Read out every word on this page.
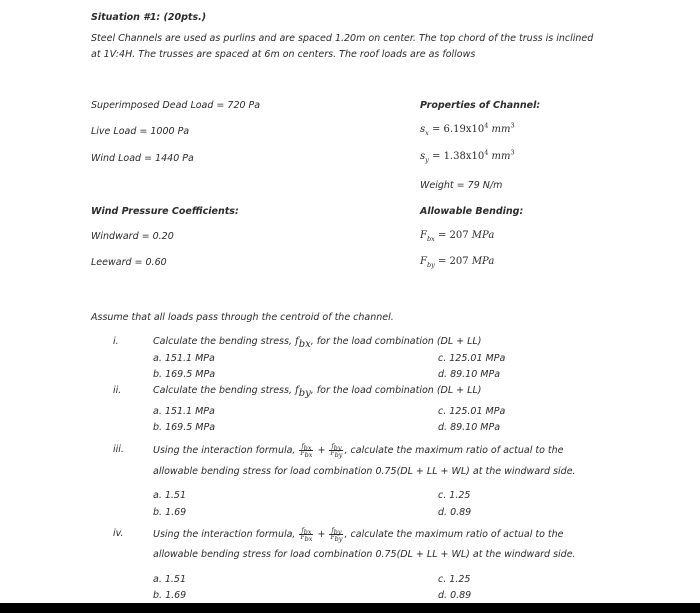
Situation #1: (20pts.)
Steel Channels are used as purlins and are spaced 1.20m on center. The top chord of the truss is inclined
at 1V:4H. The trusses are spaced at 6m on centers. The roof loads are as follows
Superimposed Dead Load = 720 Pa
Live Load = 1000 Pa
Wind Load = 1440 Pa
Properties of Channel:
$s_x = 6.19x10^4$ $mm^3$
$s_y = 1.38x10^4$ $mm^3$
Weight = 79 N/m
Wind Pressure Coefficients:
Windward = 0.20
Leeward = 0.60
Allowable Bending:
$F_{bx} = 207$ MPa
$F_{by} = 207$ MPa
Assume that all loads pass through the centroid of the channel.
i.	Calculate the bending stress, $f_{bx}$, for the load combination (DL + LL)
a. 151.1 MPa	c. 125.01 MPa
b. 169.5 MPa	d. 89.10 MPa
ii.	Calculate the bending stress, $f_{by}$, for the load combination (DL + LL)
a. 151.1 MPa	c. 125.01 MPa
b. 169.5 MPa	d. 89.10 MPa
iii.	Using the interaction formula, $\frac{f_{bx}}{F_{bx}} + \frac{f_{by}}{F_{by}}$ , calculate the maximum ratio of actual to the
allowable bending stress for load combination 0.75(DL + LL + WL) at the windward side.
a. 1.51	c. 1.25
b. 1.69	d. 0.89
iv.	Using the interaction formula, $\frac{f_{bx}}{F_{bx}} + \frac{f_{by}}{F_{by}}$ , calculate the maximum ratio of actual to the
allowable bending stress for load combination 0.75(DL + LL + WL) at the windward side.
a. 1.51	c. 1.25
b. 1.69	d. 0.89
